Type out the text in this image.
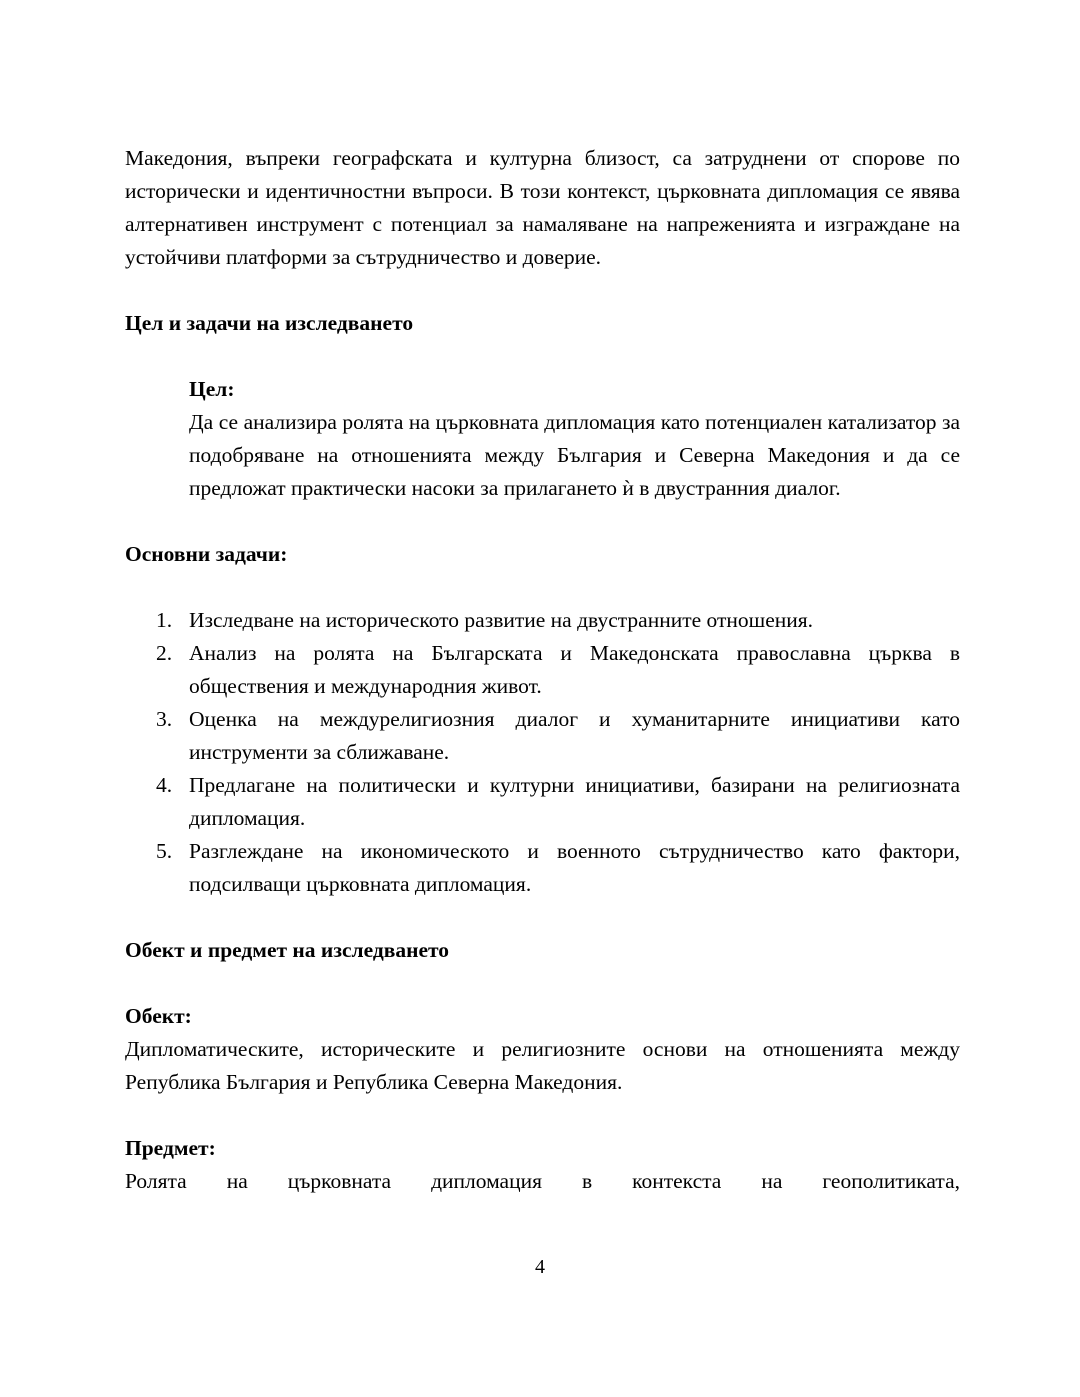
Македония, въпреки географската и културна близост, са затруднени от спорове по исторически и идентичностни въпроси. В този контекст, църковната дипломация се явява алтернативен инструмент с потенциал за намаляване на напреженията и изграждане на устойчиви платформи за сътрудничество и доверие.

Цел и задачи на изследването

Цел:

Да се анализира ролята на църковната дипломация като потенциален катализатор за подобряване на отношенията между България и Северна Македония и да се предложат практически насоки за прилагането ѝ в двустранния диалог.

Основни задачи:
Изследване на историческото развитие на двустранните отношения.
Анализ на ролята на Българската и Македонската православна църква в обществения и международния живот.
Оценка на междурелигиозния диалог и хуманитарните инициативи като инструменти за сближаване.
Предлагане на политически и културни инициативи, базирани на религиозната дипломация.
Разглеждане на икономическото и военното сътрудничество като фактори, подсилващи църковната дипломация.
Обект и предмет на изследването

Обект:

Дипломатическите, историческите и религиозните основи на отношенията между Република България и Република Северна Македония.

Предмет:

Ролята на църковната дипломация в контекста на геополитиката,

4
